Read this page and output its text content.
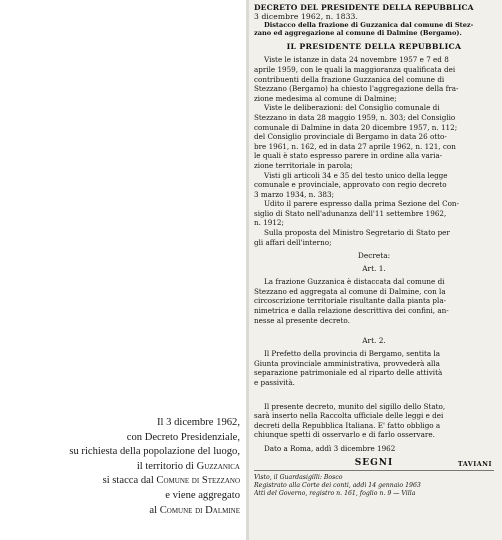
Il 3 dicembre 1962,
con Decreto Presidenziale,
su richiesta della popolazione del luogo,
il territorio di Guzzanica
si stacca dal Comune di Stezzano
e viene aggregato
al Comune di Dalmine
DECRETO DEL PRESIDENTE DELLA REPUBBLICA
3 dicembre 1962, n. 1833.
Distacco della frazione di Guzzanica dal comune di Stez-
zano ed aggregazione al comune di Dalmine (Bergamo).
IL PRESIDENTE DELLA REPUBBLICA
Viste le istanze in data 24 novembre 1957 e 7 ed 8
aprile 1959, con le quali la maggioranza qualificata dei
contribuenti della frazione Guzzanica del comune di
Stezzano (Bergamo) ha chiesto l'aggregazione della fra-
zione medesima al comune di Dalmine;
Viste le deliberazioni: del Consiglio comunale di
Stezzano in data 28 maggio 1959, n. 303; del Consiglio
comunale di Dalmine in data 20 dicembre 1957, n. 112;
del Consiglio provinciale di Bergamo in data 26 otto-
bre 1961, n. 162, ed in data 27 aprile 1962, n. 121, con
le quali è stato espresso parere in ordine alla varia-
zione territoriale in parola;
Visti gli articoli 34 e 35 del testo unico della legge
comunale e provinciale, approvato con regio decreto
3 marzo 1934, n. 383;
Udito il parere espresso dalla prima Sezione del Con-
siglio di Stato nell'adunanza dell'11 settembre 1962,
n. 1912;
Sulla proposta del Ministro Segretario di Stato per
gli affari dell'interno;
Decreta:
Art. 1.
La frazione Guzzanica è distaccata dal comune di
Stezzano ed aggregata al comune di Dalmine, con la
circoscrizione territoriale risultante dalla pianta pla-
nimetrica e dalla relazione descrittiva dei confini, an-
nesse al presente decreto.
Art. 2.
Il Prefetto della provincia di Bergamo, sentita la
Giunta provinciale amministrativa, provvederà alla
separazione patrimoniale ed al riparto delle attività
e passività.
Il presente decreto, munito del sigillo dello Stato,
sarà inserto nella Raccolta ufficiale delle leggi e dei
decreti della Repubblica Italiana. E' fatto obbligo a
chiunque spetti di osservarlo e di farlo osservare.
Dato a Roma, addì 3 dicembre 1962
SEGNI	TAVIANI
Visto, il Guardasigilli: Bosco
Registrato alla Corte dei conti, addì 14 gennaio 1963
Atti del Governo, registro n. 161, foglio n. 9 — Villa
